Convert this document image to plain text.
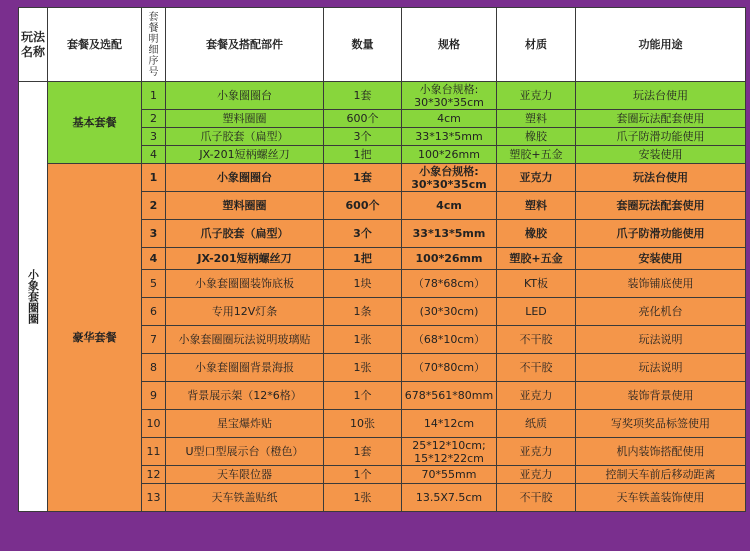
玩法名称	套餐及选配	套餐明细序号	套餐及搭配部件	数量	规格	材质	功能用途
小象套圈圈	基本套餐	1	小象圈圈台	1套	小象台规格:
30*30*35cm	亚克力	玩法台使用
		2	塑料圈圈	600个	4cm	塑料	套圈玩法配套使用
		3	爪子胶套（扁型）	3个	33*13*5mm	橡胶	爪子防滑功能使用
		4	JX-201短柄螺丝刀	1把	100*26mm	塑胶+五金	安装使用
	豪华套餐	1	小象圈圈台	1套	小象台规格:
30*30*35cm	亚克力	玩法台使用
		2	塑料圈圈	600个	4cm	塑料	套圈玩法配套使用
		3	爪子胶套（扁型）	3个	33*13*5mm	橡胶	爪子防滑功能使用
		4	JX-201短柄螺丝刀	1把	100*26mm	塑胶+五金	安装使用
		5	小象套圈圈装饰底板	1块	（78*68cm）	KT板	装饰铺底使用
		6	专用12V灯条	1条	(30*30cm)	LED	亮化机台
		7	小象套圈圈玩法说明玻璃贴	1张	（68*10cm）	不干胶	玩法说明
		8	小象套圈圈背景海报	1张	（70*80cm）	不干胶	玩法说明
		9	背景展示架（12*6格）	1个	678*561*80mm	亚克力	装饰背景使用
		10	星宝爆炸贴	10张	14*12cm	纸质	写奖项奖品标签使用
		11	U型口型展示台（橙色）	1套	25*12*10cm;
15*12*22cm	亚克力	机内装饰搭配使用
		12	天车限位器	1个	70*55mm	亚克力	控制天车前后移动距离
		13	天车铁盖贴纸	1张	13.5X7.5cm	不干胶	天车铁盖装饰使用
